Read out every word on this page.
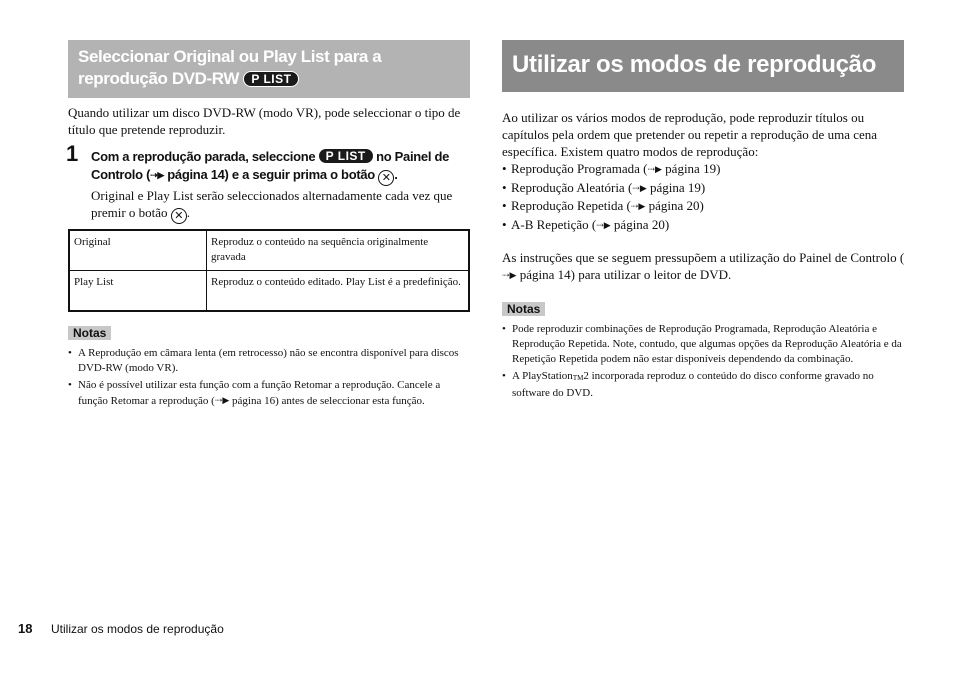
Seleccionar Original ou Play List para a
reprodução DVD-RW P LIST
Quando utilizar um disco DVD-RW (modo VR), pode seleccionar o tipo de título que pretende reproduzir.
1 Com a reprodução parada, seleccione P LIST no Painel de Controlo (⇢▶ página 14) e a seguir prima o botão ✕ .
Original e Play List serão seleccionados alternadamente cada vez que premir o botão ✕ .
Original	Reproduz o conteúdo na sequência originalmente gravada
Play List	Reproduz o conteúdo editado. Play List é a predefinição.
Notas
• A Reprodução em câmara lenta (em retrocesso) não se encontra disponível para discos DVD-RW (modo VR).
• Não é possível utilizar esta função com a função Retomar a reprodução. Cancele a função Retomar a reprodução (⇢▶ página 16) antes de seleccionar esta função.
Utilizar os modos de reprodução
Ao utilizar os vários modos de reprodução, pode reproduzir títulos ou capítulos pela ordem que pretender ou repetir a reprodução de uma cena específica. Existem quatro modos de reprodução:
• Reprodução Programada (⇢▶ página 19)
• Reprodução Aleatória (⇢▶ página 19)
• Reprodução Repetida (⇢▶ página 20)
• A-B Repetição (⇢▶ página 20)
As instruções que se seguem pressupõem a utilização do Painel de Controlo (⇢▶ página 14) para utilizar o leitor de DVD.
Notas
• Pode reproduzir combinações de Reprodução Programada, Reprodução Aleatória e Reprodução Repetida. Note, contudo, que algumas opções da Reprodução Aleatória e da Repetição Repetida podem não estar disponíveis dependendo da combinação.
• A PlayStation$_{TM}$2 incorporada reproduz o conteúdo do disco conforme gravado no software do DVD.
18 Utilizar os modos de reprodução
